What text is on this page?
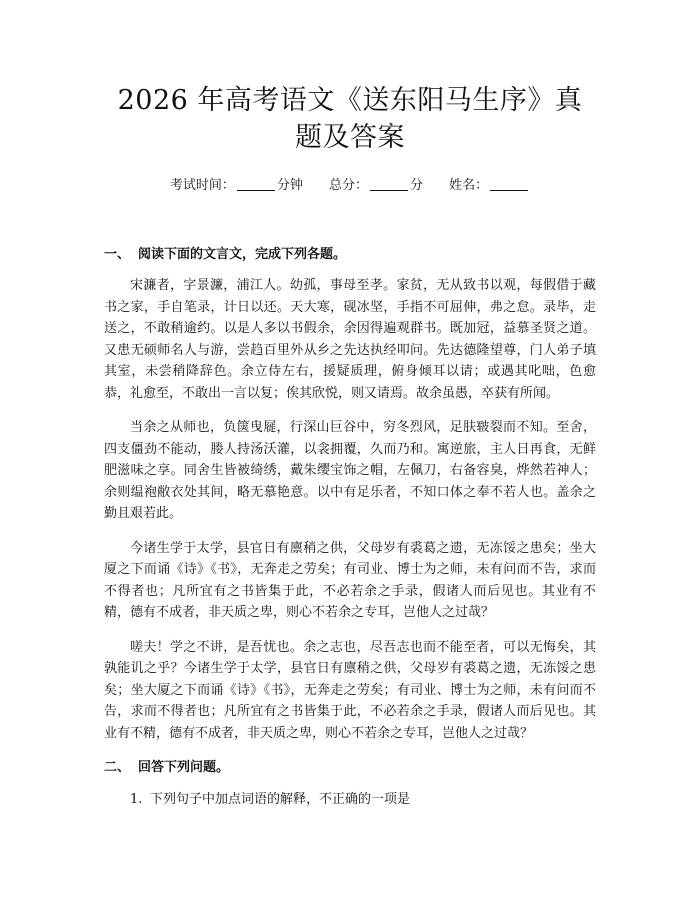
2026 年高考语文《送东阳马生序》真题及答案
考试时间：	分钟 总分：	分 姓名：
一、 阅读下面的文言文，完成下列各题。

宋濂者，字景濂，浦江人。幼孤，事母至孝。家贫，无从致书以观，每假借于藏书之家，手自笔录，计日以还。天大寒，砚冰坚，手指不可屈伸，弗之怠。录毕，走送之，不敢稍逾约。以是人多以书假余，余因得遍观群书。既加冠，益慕圣贤之道。又患无硕师名人与游，尝趋百里外从乡之先达执经叩问。先达德隆望尊，门人弟子填其室，未尝稍降辞色。余立侍左右，援疑质理，俯身倾耳以请；或遇其叱咄，色愈恭，礼愈至，不敢出一言以复；俟其欣悦，则又请焉。故余虽愚，卒获有所闻。

当余之从师也，负箧曳屣，行深山巨谷中，穷冬烈风，足肤皲裂而不知。至舍，四支僵劲不能动，媵人持汤沃灌，以衾拥覆，久而乃和。寓逆旅，主人日再食，无鲜肥滋味之享。同舍生皆被绮绣，戴朱缨宝饰之帽，左佩刀，右备容臭，烨然若神人；余则缊袍敝衣处其间，略无慕艳意。以中有足乐者，不知口体之奉不若人也。盖余之勤且艰若此。

今诸生学于太学，县官日有廪稍之供，父母岁有裘葛之遗，无冻馁之患矣；坐大厦之下而诵《诗》《书》，无奔走之劳矣；有司业、博士为之师，未有问而不告，求而不得者也；凡所宜有之书皆集于此，不必若余之手录，假诸人而后见也。其业有不精，德有不成者，非天质之卑，则心不若余之专耳，岂他人之过哉？

嗟夫！学之不讲，是吾忧也。余之志也，尽吾志也而不能至者，可以无悔矣，其孰能讥之乎？今诸生学于太学，县官日有廪稍之供，父母岁有裘葛之遗，无冻馁之患矣；坐大厦之下而诵《诗》《书》，无奔走之劳矣；有司业、博士为之师，未有问而不告，求而不得者也；凡所宜有之书皆集于此，不必若余之手录，假诸人而后见也。其业有不精，德有不成者，非天质之卑，则心不若余之专耳，岂他人之过哉？

二、 回答下列问题。
1. 下列句子中加点词语的解释，不正确的一项是
